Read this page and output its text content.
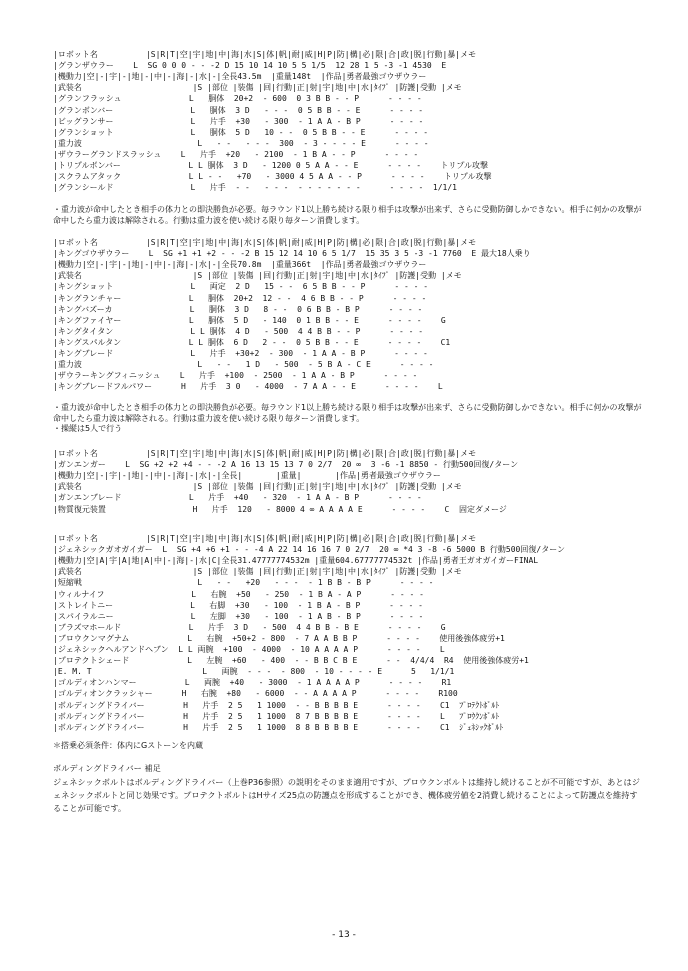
|ロボット名          |S|R|T|空|宇|地|中|海|水|S|体|帆|耐|威|H|P|防|構|必|限|合|政|脱|行動|暴|メモ
|グランザウラー    L  SG 0 0 0 - - -2 D 15 10 14 10 5 5 1/5  12 28 1 5 -3 -1 4530  E
|機動力|空|-|宇|-|地|-|中|-|海|-|水|-|全長43.5m  |重量148t  |作品|勇者最強ゴウザウラー
|武装名                       |S |部位 |装傷 |回|行動|正|射|宇|地|中|水|ﾀｲﾌﾟ |防護|受動 |メモ
|グランフラッシュ              L   胴体  20+2  - 600  0 3 B B - - P      - - - -
|グランボンバー                L   胴体  3 D   - - -  0 5 B B - - E      - - - -
|ビッグランサー                L   片手  +30   - 300  - 1 A A - B P      - - - -
|グランショット                L   胴体  5 D   10 - -  0 5 B B - - E      - - - -
|重力波                        L   - -   - - -  300  - 3 - - - - E      - - - -
|ザウラーグランドスラッシュ    L   片手  +20   - 2100  - 1 B A - - P      - - - -
|トリプルボンバー              L L 胴体  3 D   - 1200 0 5 A A - - E      - - - -    トリプル攻撃
|スクラムアタック              L L - -   +70   - 3000 4 5 A A - - P      - - - -    トリプル攻撃
|グランシールド                L   片手  - -   - - -  - - - - - - -      - - - -  1/1/1
・重力波が命中したとき相手の体力との即決勝負が必要。毎ラウンド1以上勝ち続ける限り相手は攻撃が出来ず、さらに受動防御しかできない。相手に何かの攻撃が命中したら重力波は解除される。行動は重力波を使い続ける限り毎ターン消費します。
|ロボット名          |S|R|T|空|宇|地|中|海|水|S|体|帆|耐|威|H|P|防|構|必|限|合|政|脱|行動|暴|メモ
|キングゴウザウラー    L  SG +1 +1 +2 - - -2 B 15 12 14 10 6 5 1/7  15 35 3 5 -3 -1 7760  E 最大18人乗り
|機動力|空|-|宇|-|地|-|中|-|海|-|水|-|全長70.8m  |重量366t  |作品|勇者最強ゴウザウラー
|武装名                       |S |部位 |装傷 |回|行動|正|射|宇|地|中|水|ﾀｲﾌﾟ |防護|受動 |メモ
|キングショット                L   両定  2 D   15 - -  6 5 B B - - P      - - - -
|キングランチャー              L   胴体  20+2  12 - -  4 6 B B - - P      - - - -
|キングバズーカ                L   胴体  3 D   8 - -  0 6 B B - B P      - - - -
|キングファイヤー              L   胴体  5 D   - 140  0 1 B B - - E      - - - -    G
|キングタイタン                L L 胴体  4 D   - 500  4 4 B B - - P      - - - -
|キングスパルタン              L L 胴体  6 D   2 - -  0 5 B B - - E      - - - -    C1
|キングブレード                L   片手  +30+2  - 300  - 1 A A - B P      - - - -
|重力波                        L   - -   1 D   - 500  - 5 B A - C E      - - - -
|ザウラーキングフィニッシュ    L   片手  +100  - 2500  - 1 A A - B P      - - - -
|キングブレードフルパワー      H   片手  3 0   - 4000  - 7 A A - - E      - - - -    L
・重力波が命中したとき相手の体力との即決勝負が必要。毎ラウンド1以上勝ち続ける限り相手は攻撃が出来ず、さらに受動防御しかできない。相手に何かの攻撃が命中したら重力波は解除される。行動は重力波を使い続ける限り毎ターン消費します。
・操縦は5人で行う
|ロボット名          |S|R|T|空|宇|地|中|海|水|S|体|帆|耐|威|H|P|防|構|必|限|合|政|脱|行動|暴|メモ
|ガンエンガー    L  SG +2 +2 +4 - - -2 A 16 13 15 13 7 0 2/7  20 ∞  3 -6 -1 8850 - 行動500回復/ターン
|機動力|空|-|宇|-|地|-|中|-|海|-|水|-|全長|       |重量|       |作品|勇者最強ゴウザウラー
|武装名                       |S |部位 |装傷 |回|行動|正|射|宇|地|中|水|ﾀｲﾌﾟ |防護|受動 |メモ
|ガンエンブレード              L   片手  +40   - 320  - 1 A A - B P      - - - -
|物質復元装置                  H   片手  120   - 8000 4 ∞ A A A A E      - - - -    C  固定ダメージ
|ロボット名          |S|R|T|空|宇|地|中|海|水|S|体|帆|耐|威|H|P|防|構|必|限|合|政|脱|行動|暴|メモ
|ジェネシックガオガイガー  L  SG +4 +6 +1 - - -4 A 22 14 16 16 7 0 2/7  20 ∞ *4 3 -8 -6 5000 B 行動500回復/ターン
|機動力|空|A|宇|A|地|A|中|-|海|-|水|C|全長31.47777774532m |重量604.67777774532t |作品|勇者王ガオガイガーFINAL
|武装名                       |S |部位 |装傷 |回|行動|正|射|宇|地|中|水|ﾀｲﾌﾟ |防護|受動 |メモ
|短縮戦                        L   - -   +20   - - -  - 1 B B - B P      - - - -
|ウィルナイフ                  L   右腕  +50   - 250  - 1 B A - A P      - - - -
|ストレイトニー                L   右脚  +30   - 100  - 1 B A - B P      - - - -
|スパイラルニー                L   左脚  +30   - 100  - 1 A B - B P      - - - -
|ブラズマホールド              L   片手  3 D   - 500  4 4 B B - B E      - - - -    G
|ブロウクンマグナム            L   右腕  +50+2 - 800  - 7 A A B B P      - - - -    使用後強体疲労+1
|ジェネシックヘルアンドヘブン  L L 両腕  +100  - 4000  - 10 A A A A P      - - - -    L
|プロテクトシェード            L   左腕  +60   - 400  - - B B C B E      - -  4/4/4  R4  使用後強体疲労+1
|E. M. T                       L   両腕  - - -  - 800  - 10 - - - - E      5   1/1/1
|ゴルディオンハンマー          L   両腕  +40   - 3000  - 1 A A A A P      - - - -    R1
|ゴルディオンクラッシャー      H   右腕  +80   - 6000  - - A A A A P      - - - -    R100
|ボルディングドライバー        H   片手  2 5   1 1000  - - B B B B E      - - - -    C1  ﾌﾟﾛﾃｸﾄﾎﾞﾙﾄ
|ボルディングドライバー        H   片手  2 5   1 1000  8 7 B B B B E      - - - -    L   ﾌﾟﾛｳｸﾝﾎﾞﾙﾄ
|ボルディングドライバー        H   片手  2 5   1 1000  8 8 B B B B E      - - - -    C1  ｼﾞｪﾈｼｯｸﾎﾞﾙﾄ
＊搭乗必須条件：体内にGストーンを内蔵
ボルディングドライバー 補足
ジェネシックボルトはボルディングドライバー（上巻P36参照）の説明をそのまま適用ですが、プロウクンボルトは維持し続けることが不可能ですが、あとはジェネシックボルトと同じ効果です。プロテクトボルトはHサイズ25点の防護点を形成することができ、機体疲労値を2消費し続けることによって防護点を維持することが可能です。
- 13 -
